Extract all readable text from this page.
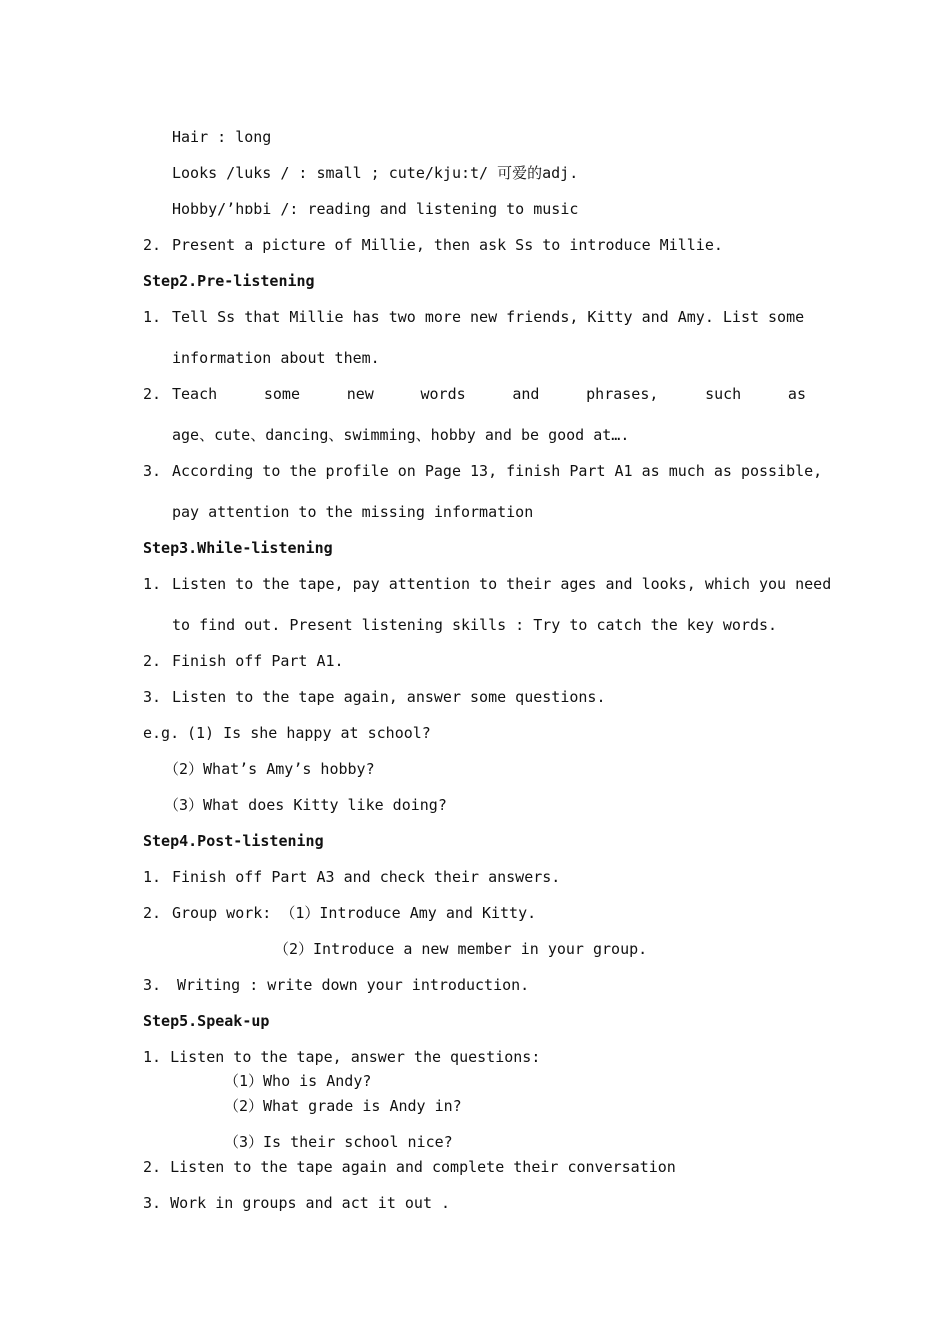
Hair : long
Looks /luks / : small ; cute/kju:t/ 可爱的adj.
Hobby/’hɒbi /: reading and listening to music
2. Present a picture of Millie, then ask Ss to introduce Millie.
Step2.Pre-listening
1. Tell Ss that Millie has two more new friends, Kitty and Amy. List some
information about them.
2. Teach	some	new	words	and	phrases,	such	as
age、cute、dancing、swimming、hobby and be good at….
3. According to the profile on Page 13, finish Part A1 as much as possible,
pay attention to the missing information
Step3.While-listening
1. Listen to the tape, pay attention to their ages and looks, which you need
to find out. Present listening skills : Try to catch the key words.
2. Finish off Part A1.
3. Listen to the tape again, answer some questions.
e.g. (1) Is she happy at school?
（2）What’s Amy’s hobby?
（3）What does Kitty like doing?
Step4.Post-listening
1. Finish off Part A3 and check their answers.
2. Group work: （1）Introduce Amy and Kitty.
（2）Introduce a new member in your group.
3. Writing : write down your introduction.
Step5.Speak-up
1. Listen to the tape, answer the questions:
（1）Who is Andy?
（2）What grade is Andy in?
（3）Is their school nice?
2. Listen to the tape again and complete their conversation
3. Work in groups and act it out .
